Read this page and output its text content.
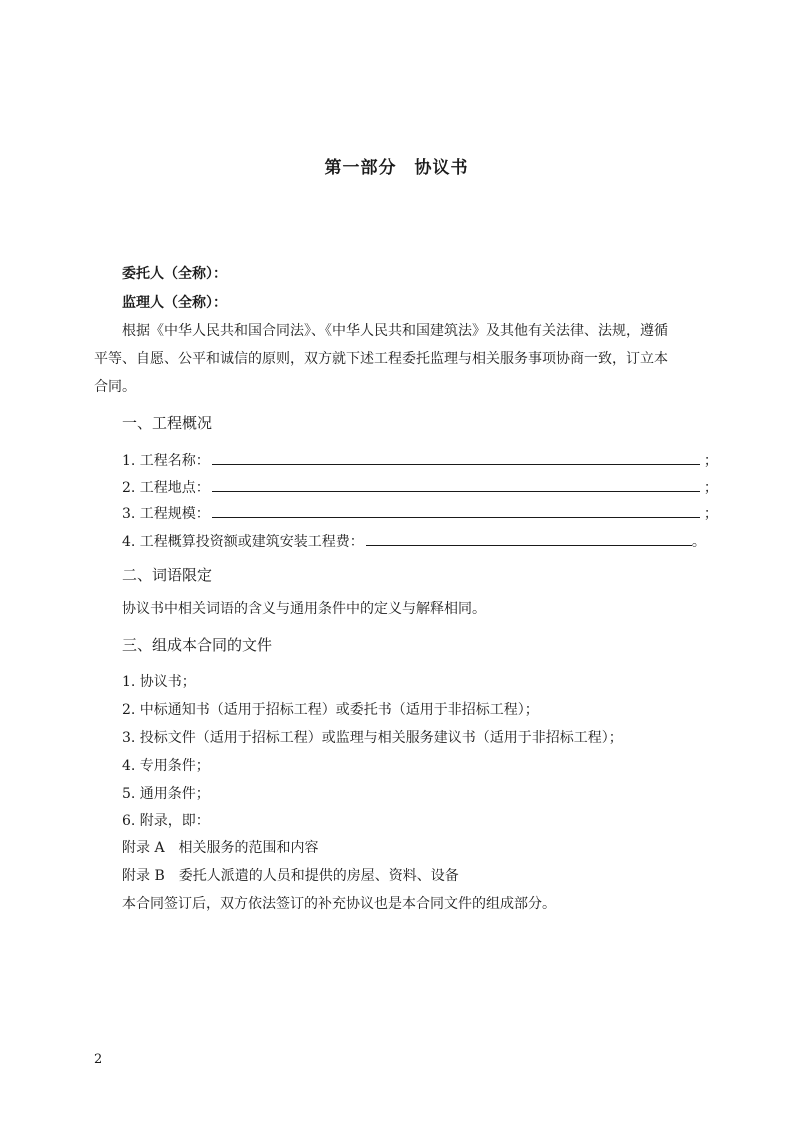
第一部分　协议书
委托人（全称）：
监理人（全称）：
根据《中华人民共和国合同法》、《中华人民共和国建筑法》及其他有关法律、法规，遵循
平等、自愿、公平和诚信的原则，双方就下述工程委托监理与相关服务事项协商一致，订立本
合同。
一、工程概况
1. 工程名称：	；
2. 工程地点：	；
3. 工程规模：	；
4. 工程概算投资额或建筑安装工程费：	。
二、词语限定
协议书中相关词语的含义与通用条件中的定义与解释相同。
三、组成本合同的文件
1. 协议书；
2. 中标通知书（适用于招标工程）或委托书（适用于非招标工程）；
3. 投标文件（适用于招标工程）或监理与相关服务建议书（适用于非招标工程）；
4. 专用条件；
5. 通用条件；
6. 附录，即：
附录 A　相关服务的范围和内容
附录 B　委托人派遣的人员和提供的房屋、资料、设备
本合同签订后，双方依法签订的补充协议也是本合同文件的组成部分。
2
